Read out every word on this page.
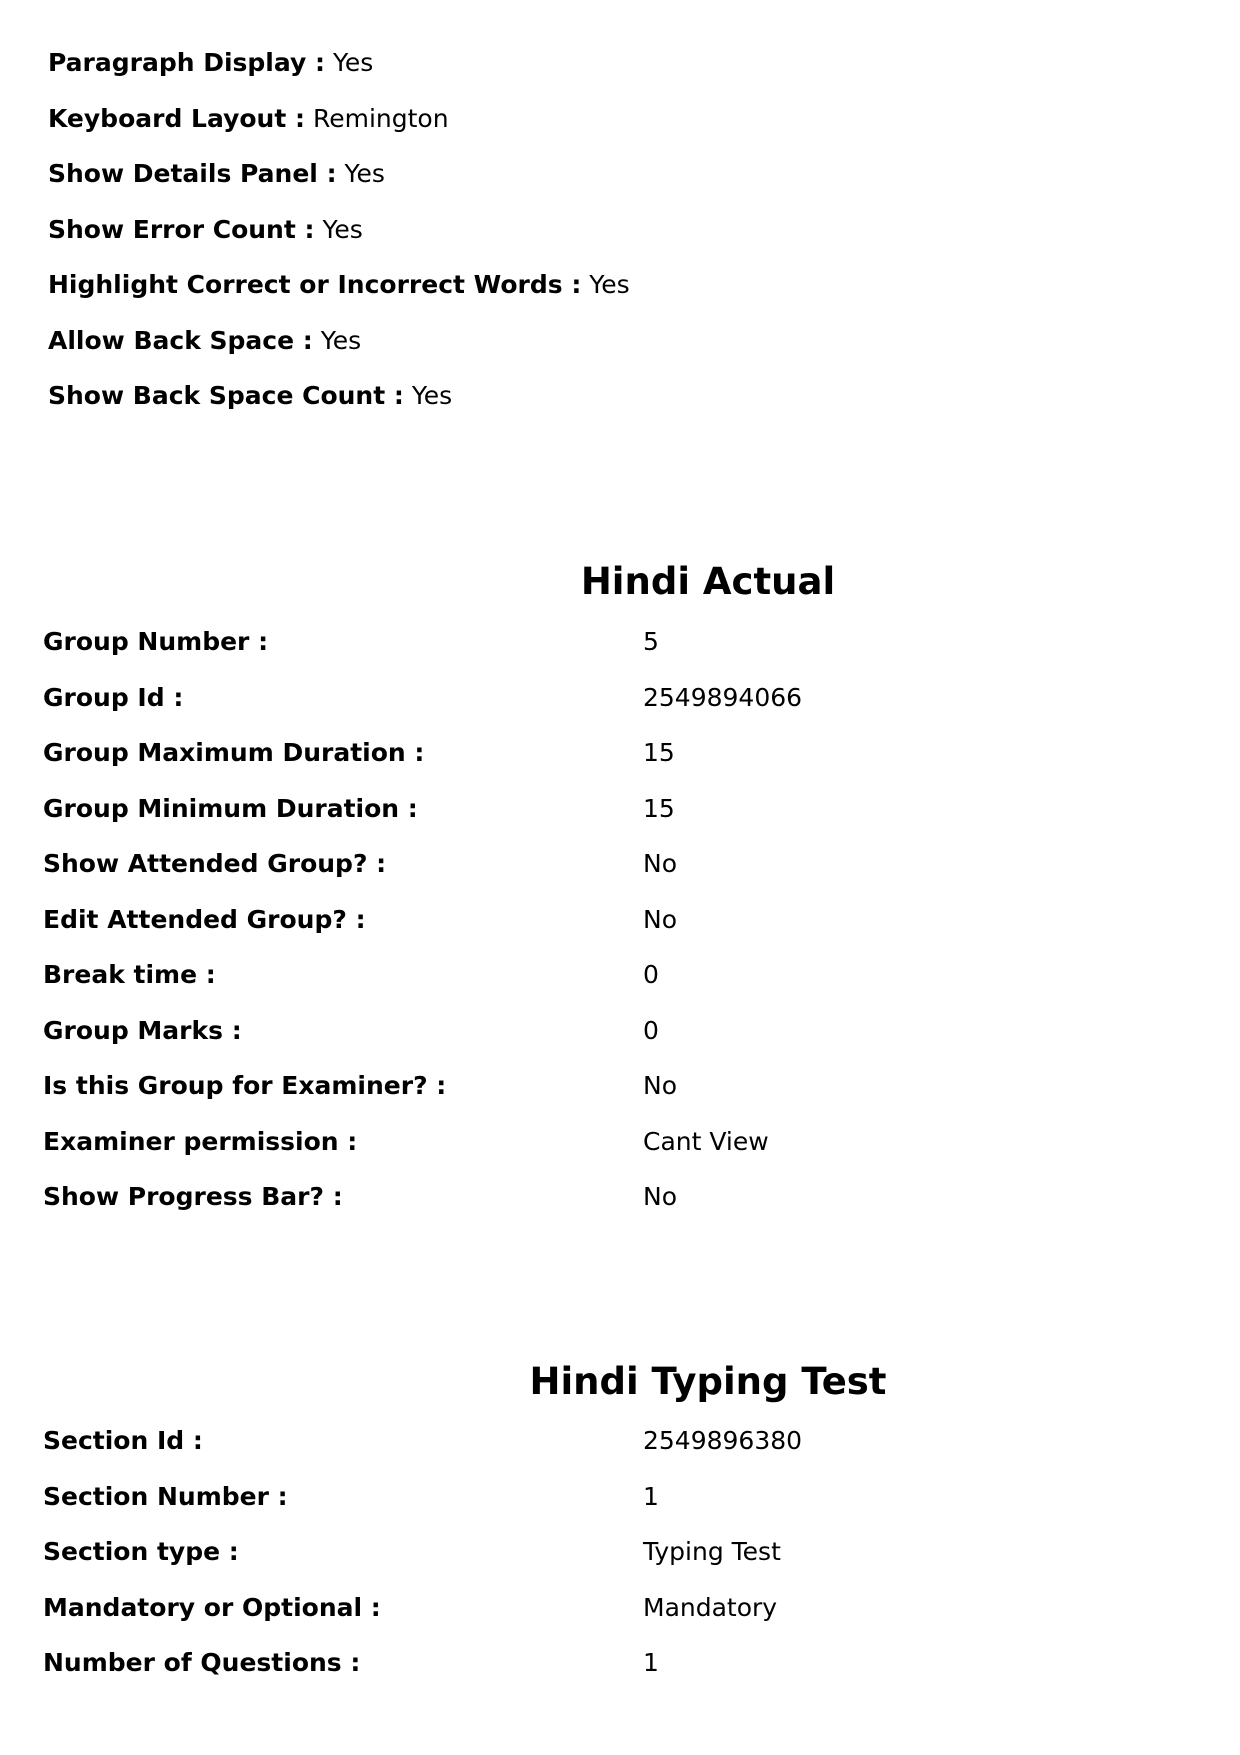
Paragraph Display : Yes
Keyboard Layout : Remington
Show Details Panel : Yes
Show Error Count : Yes
Highlight Correct or Incorrect Words : Yes
Allow Back Space : Yes
Show Back Space Count : Yes
Hindi Actual
Group Number :	5
Group Id :	2549894066
Group Maximum Duration :	15
Group Minimum Duration :	15
Show Attended Group? :	No
Edit Attended Group? :	No
Break time :	0
Group Marks :	0
Is this Group for Examiner? :	No
Examiner permission :	Cant View
Show Progress Bar? :	No
Hindi Typing Test
Section Id :	2549896380
Section Number :	1
Section type :	Typing Test
Mandatory or Optional :	Mandatory
Number of Questions :	1
